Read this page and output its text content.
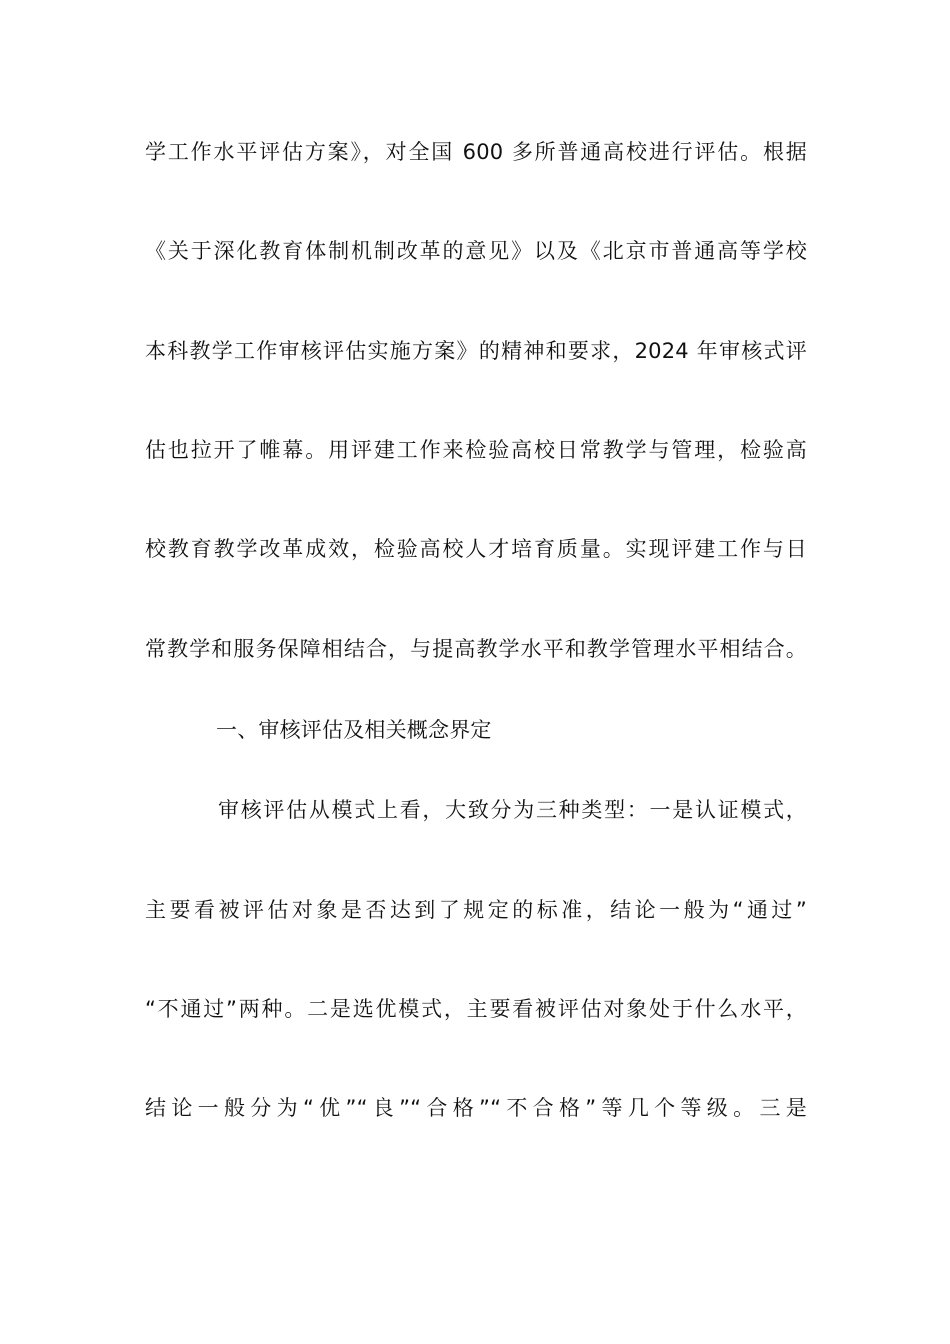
学工作水平评估方案》，对全国 600 多所普通高校进行评估。根据
《关于深化教育体制机制改革的意见》以及《北京市普通高等学校
本科教学工作审核评估实施方案》的精神和要求，2024 年审核式评
估也拉开了帷幕。用评建工作来检验高校日常教学与管理，检验高
校教育教学改革成效，检验高校人才培育质量。实现评建工作与日
常教学和服务保障相结合，与提高教学水平和教学管理水平相结合。
一、审核评估及相关概念界定
审核评估从模式上看，大致分为三种类型：一是认证模式，
主要看被评估对象是否达到了规定的标准，结论一般为“通过”
“不通过”两种。二是选优模式，主要看被评估对象处于什么水平，
结论一般分为“优”“良”“合格”“不合格”等几个等级。三是
